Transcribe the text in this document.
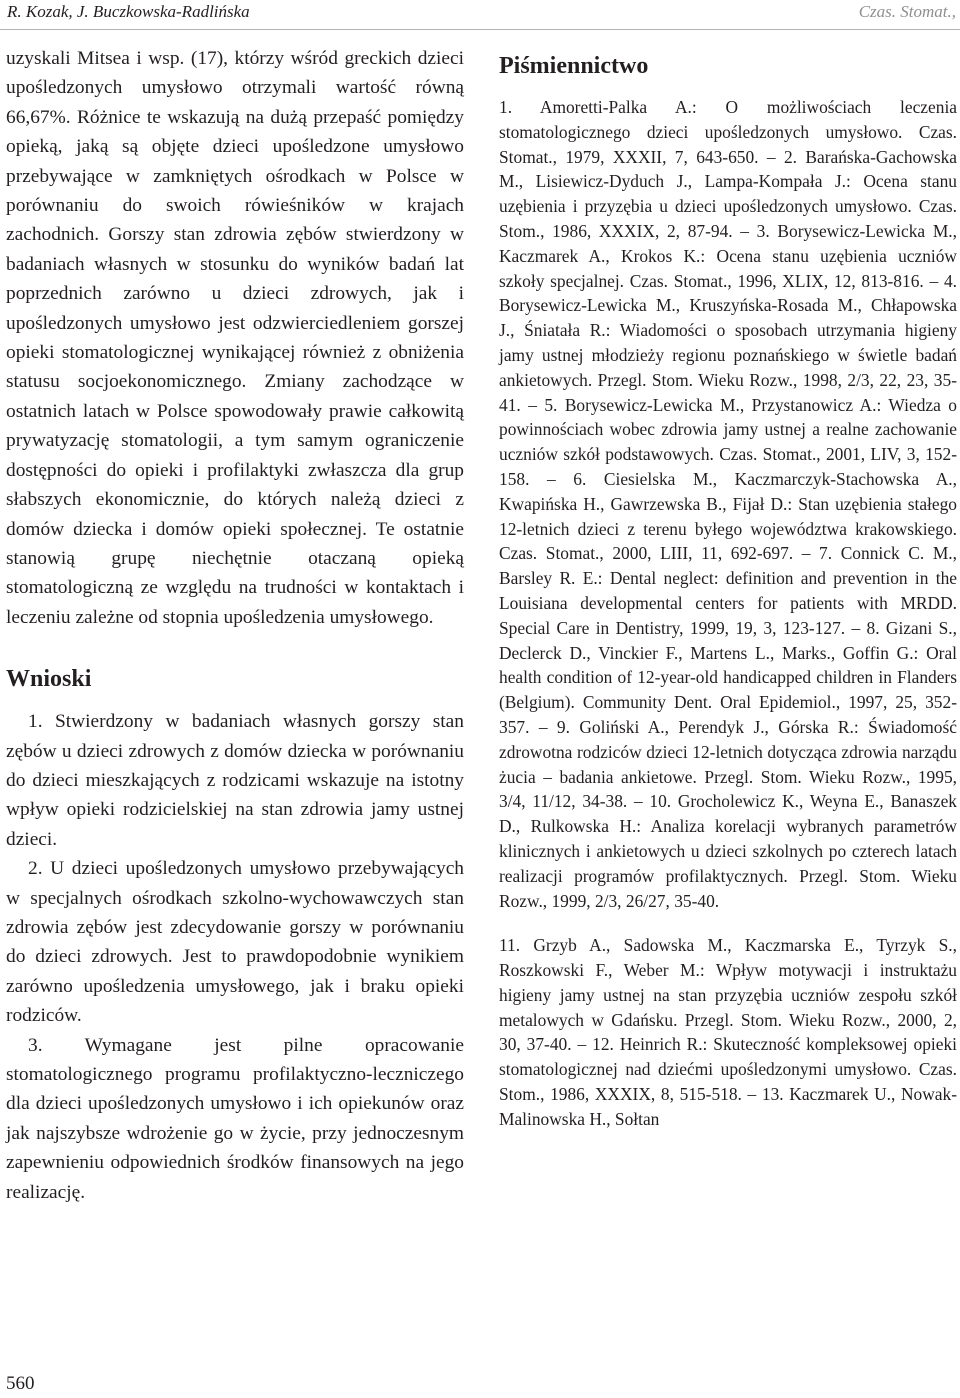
R. Kozak, J. Buczkowska-Radlińska	Czas. Stomat.,

uzyskali Mitsea i wsp. (17), którzy wśród greckich dzieci upośledzonych umysłowo otrzymali wartość równą 66,67%. Różnice te wskazują na dużą przepaść pomiędzy opieką, jaką są objęte dzieci upośledzone umysłowo przebywające w zamkniętych ośrodkach w Polsce w porównaniu do swoich rówieśników w krajach zachodnich. Gorszy stan zdrowia zębów stwierdzony w badaniach własnych w stosunku do wyników badań lat poprzednich zarówno u dzieci zdrowych, jak i upośledzonych umysłowo jest odzwierciedleniem gorszej opieki stomatologicznej wynikającej również z obniżenia statusu socjoekonomicznego. Zmiany zachodzące w ostatnich latach w Polsce spowodowały prawie całkowitą prywatyzację stomatologii, a tym samym ograniczenie dostępności do opieki i profilaktyki zwłaszcza dla grup słabszych ekonomicznie, do których należą dzieci z domów dziecka i domów opieki społecznej. Te ostatnie stanowią grupę niechętnie otaczaną opieką stomatologiczną ze względu na trudności w kontaktach i leczeniu zależne od stopnia upośledzenia umysłowego.

Wnioski

1. Stwierdzony w badaniach własnych gorszy stan zębów u dzieci zdrowych z domów dziecka w porównaniu do dzieci mieszkających z rodzicami wskazuje na istotny wpływ opieki rodzicielskiej na stan zdrowia jamy ustnej dzieci.

2. U dzieci upośledzonych umysłowo przebywających w specjalnych ośrodkach szkolno-wychowawczych stan zdrowia zębów jest zdecydowanie gorszy w porównaniu do dzieci zdrowych. Jest to prawdopodobnie wynikiem zarówno upośledzenia umysłowego, jak i braku opieki rodziców.

3. Wymagane jest pilne opracowanie stomatologicznego programu profilaktyczno-leczniczego dla dzieci upośledzonych umysłowo i ich opiekunów oraz jak najszybsze wdrożenie go w życie, przy jednoczesnym zapewnieniu odpowiednich środków finansowych na jego realizację.

Piśmiennictwo

1. Amoretti-Palka A.: O możliwościach leczenia stomatologicznego dzieci upośledzonych umysłowo. Czas. Stomat., 1979, XXXII, 7, 643-650. – 2. Barańska-Gachowska M., Lisiewicz-Dyduch J., Lampa-Kompała J.: Ocena stanu uzębienia i przyzębia u dzieci upośledzonych umysłowo. Czas. Stom., 1986, XXXIX, 2, 87-94. – 3. Borysewicz-Lewicka M., Kaczmarek A., Krokos K.: Ocena stanu uzębienia uczniów szkoły specjalnej. Czas. Stomat., 1996, XLIX, 12, 813-816. – 4. Borysewicz-Lewicka M., Kruszyńska-Rosada M., Chłapowska J., Śniatała R.: Wiadomości o sposobach utrzymania higieny jamy ustnej młodzieży regionu poznańskiego w świetle badań ankietowych. Przegl. Stom. Wieku Rozw., 1998, 2/3, 22, 23, 35-41. – 5. Borysewicz-Lewicka M., Przystanowicz A.: Wiedza o powinnościach wobec zdrowia jamy ustnej a realne zachowanie uczniów szkół podstawowych. Czas. Stomat., 2001, LIV, 3, 152-158. – 6. Ciesielska M., Kaczmarczyk-Stachowska A., Kwapińska H., Gawrzewska B., Fijał D.: Stan uzębienia stałego 12-letnich dzieci z terenu byłego województwa krakowskiego. Czas. Stomat., 2000, LIII, 11, 692-697. – 7. Connick C. M., Barsley R. E.: Dental neglect: definition and prevention in the Louisiana developmental centers for patients with MRDD. Special Care in Dentistry, 1999, 19, 3, 123-127. – 8. Gizani S., Declerck D., Vinckier F., Martens L., Marks., Goffin G.: Oral health condition of 12-year-old handicapped children in Flanders (Belgium). Community Dent. Oral Epidemiol., 1997, 25, 352-357. – 9. Goliński A., Perendyk J., Górska R.: Świadomość zdrowotna rodziców dzieci 12-letnich dotycząca zdrowia narządu żucia – badania ankietowe. Przegl. Stom. Wieku Rozw., 1995, 3/4, 11/12, 34-38. – 10. Grocholewicz K., Weyna E., Banaszek D., Rulkowska H.: Analiza korelacji wybranych parametrów klinicznych i ankietowych u dzieci szkolnych po czterech latach realizacji programów profilaktycznych. Przegl. Stom. Wieku Rozw., 1999, 2/3, 26/27, 35-40.

11. Grzyb A., Sadowska M., Kaczmarska E., Tyrzyk S., Roszkowski F., Weber M.: Wpływ motywacji i instruktażu higieny jamy ustnej na stan przyzębia uczniów zespołu szkół metalowych w Gdańsku. Przegl. Stom. Wieku Rozw., 2000, 2, 30, 37-40. – 12. Heinrich R.: Skuteczność kompleksowej opieki stomatologicznej nad dziećmi upośledzonymi umysłowo. Czas. Stom., 1986, XXXIX, 8, 515-518. – 13. Kaczmarek U., Nowak-Malinowska H., Sołtan

560
